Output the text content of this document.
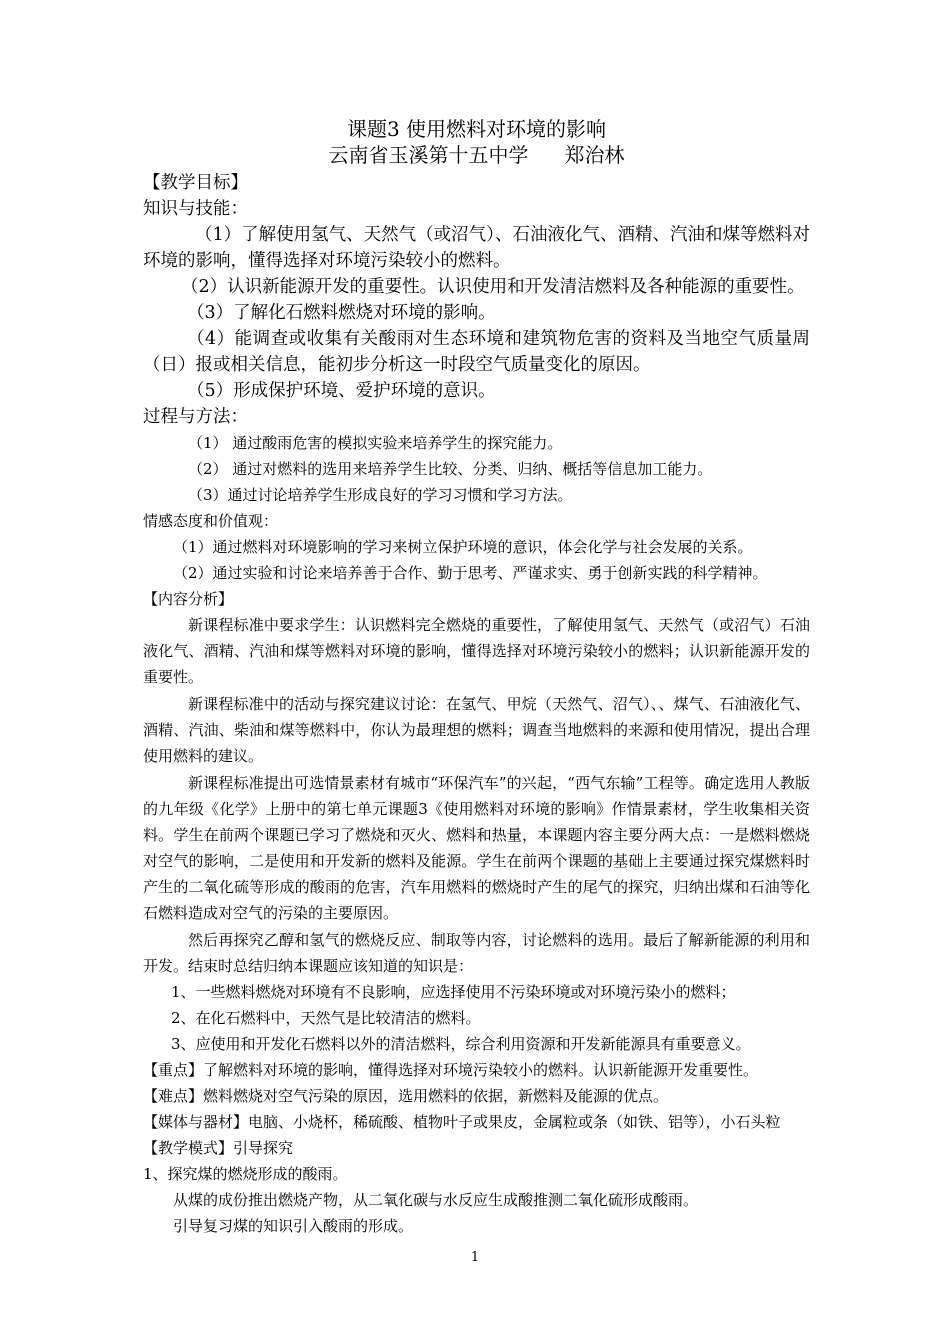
课题3 使用燃料对环境的影响

云南省玉溪第十五中学 郑治林

【教学目标】

知识与技能：

（1）了解使用氢气、天然气（或沼气）、石油液化气、酒精、汽油和煤等燃料对环境的影响，懂得选择对环境污染较小的燃料。

（2）认识新能源开发的重要性。认识使用和开发清洁燃料及各种能源的重要性。

（3）了解化石燃料燃烧对环境的影响。

（4）能调查或收集有关酸雨对生态环境和建筑物危害的资料及当地空气质量周（日）报或相关信息，能初步分析这一时段空气质量变化的原因。

（5）形成保护环境、爱护环境的意识。

过程与方法：

（1） 通过酸雨危害的模拟实验来培养学生的探究能力。

（2） 通过对燃料的选用来培养学生比较、分类、归纳、概括等信息加工能力。

（3）通过讨论培养学生形成良好的学习习惯和学习方法。

情感态度和价值观：

（1）通过燃料对环境影响的学习来树立保护环境的意识，体会化学与社会发展的关系。

（2）通过实验和讨论来培养善于合作、勤于思考、严谨求实、勇于创新实践的科学精神。

【内容分析】

新课程标准中要求学生：认识燃料完全燃烧的重要性，了解使用氢气、天然气（或沼气）石油液化气、酒精、汽油和煤等燃料对环境的影响，懂得选择对环境污染较小的燃料；认识新能源开发的重要性。

新课程标准中的活动与探究建议讨论：在氢气、甲烷（天然气、沼气）、、煤气、石油液化气、酒精、汽油、柴油和煤等燃料中，你认为最理想的燃料；调查当地燃料的来源和使用情况，提出合理使用燃料的建议。

新课程标准提出可选情景素材有城市“环保汽车”的兴起，“西气东输”工程等。确定选用人教版的九年级《化学》上册中的第七单元课题3《使用燃料对环境的影响》作情景素材，学生收集相关资料。学生在前两个课题已学习了燃烧和灭火、燃料和热量，本课题内容主要分两大点：一是燃料燃烧对空气的影响，二是使用和开发新的燃料及能源。学生在前两个课题的基础上主要通过探究煤燃料时产生的二氧化硫等形成的酸雨的危害，汽车用燃料的燃烧时产生的尾气的探究，归纳出煤和石油等化石燃料造成对空气的污染的主要原因。

然后再探究乙醇和氢气的燃烧反应、制取等内容，讨论燃料的选用。最后了解新能源的利用和开发。结束时总结归纳本课题应该知道的知识是：

1、一些燃料燃烧对环境有不良影响，应选择使用不污染环境或对环境污染小的燃料；

2、在化石燃料中，天然气是比较清洁的燃料。

3、应使用和开发化石燃料以外的清洁燃料，综合利用资源和开发新能源具有重要意义。

【重点】了解燃料对环境的影响，懂得选择对环境污染较小的燃料。认识新能源开发重要性。

【难点】燃料燃烧对空气污染的原因，选用燃料的依据，新燃料及能源的优点。

【媒体与器材】电脑、小烧杯，稀硫酸、植物叶子或果皮，金属粒或条（如铁、铝等），小石头粒

【教学模式】引导探究

1、探究煤的燃烧形成的酸雨。

从煤的成份推出燃烧产物，从二氧化碳与水反应生成酸推测二氧化硫形成酸雨。

引导复习煤的知识引入酸雨的形成。

1
